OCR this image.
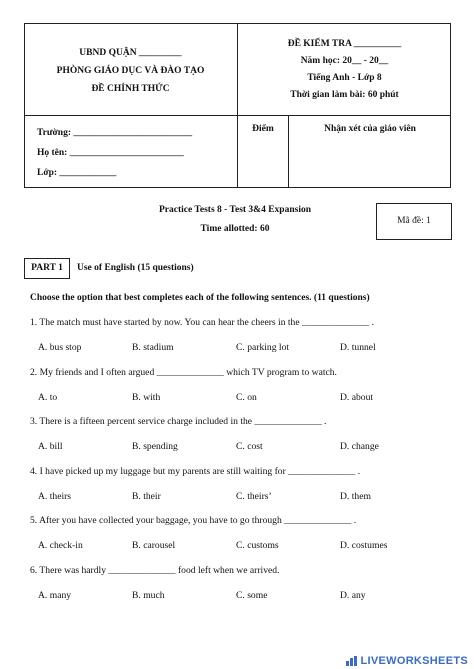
UBND QUẬN _________
PHÒNG GIÁO DỤC VÀ ĐÀO TẠO
ĐỀ CHÍNH THỨC
ĐỀ KIỂM TRA __________
Năm học: 20__ - 20__
Tiếng Anh - Lớp 8
Thời gian làm bài: 60 phút
Trường: _________________________
Họ tên: ________________________
Lớp: ____________
Điểm	Nhận xét của giáo viên
Practice Tests 8 - Test 3&4 Expansion
Time allotted: 60
Mã đề: 1
PART 1	Use of English (15 questions)
Choose the option that best completes each of the following sentences. (11 questions)
1. The match must have started by now. You can hear the cheers in the ______________ .
A. bus stop	B. stadium	C. parking lot	D. tunnel
2. My friends and I often argued ______________ which TV program to watch.
A. to	B. with	C. on	D. about
3. There is a fifteen percent service charge included in the ______________ .
A. bill	B. spending	C. cost	D. change
4. I have picked up my luggage but my parents are still waiting for ______________ .
A. theirs	B. their	C. theirs’	D. them
5. After you have collected your baggage, you have to go through ______________ .
A. check-in	B. carousel	C. customs	D. costumes
6. There was hardly ______________ food left when we arrived.
A. many	B. much	C. some	D. any
LIVEWORKSHEETS
